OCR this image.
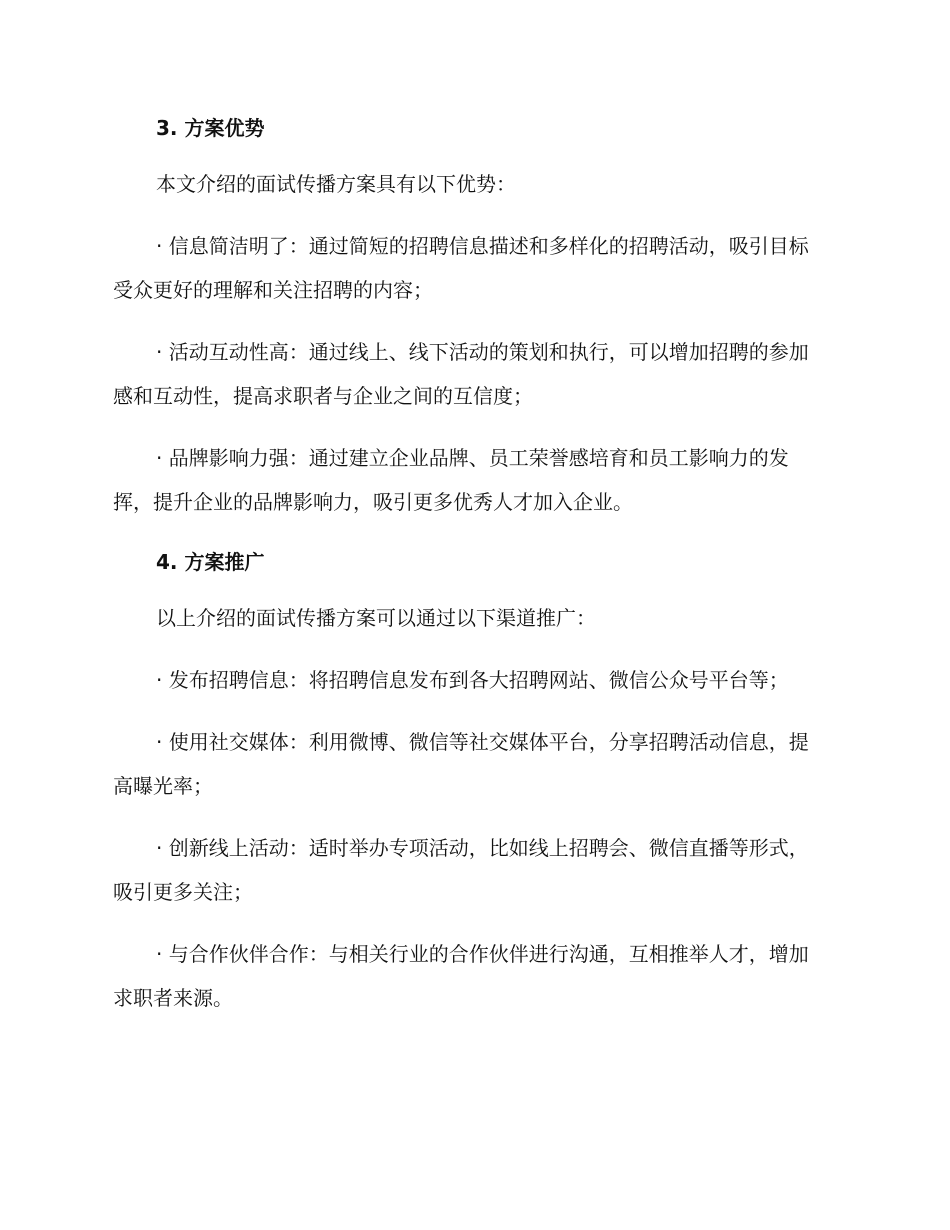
3. 方案优势

本文介绍的面试传播方案具有以下优势：

· 信息简洁明了：通过简短的招聘信息描述和多样化的招聘活动，吸引目标受众更好的理解和关注招聘的内容；

· 活动互动性高：通过线上、线下活动的策划和执行，可以增加招聘的参加感和互动性，提高求职者与企业之间的互信度；

· 品牌影响力强：通过建立企业品牌、员工荣誉感培育和员工影响力的发挥，提升企业的品牌影响力，吸引更多优秀人才加入企业。

4. 方案推广

以上介绍的面试传播方案可以通过以下渠道推广：

· 发布招聘信息：将招聘信息发布到各大招聘网站、微信公众号平台等；

· 使用社交媒体：利用微博、微信等社交媒体平台，分享招聘活动信息，提高曝光率；

· 创新线上活动：适时举办专项活动，比如线上招聘会、微信直播等形式，吸引更多关注；

· 与合作伙伴合作：与相关行业的合作伙伴进行沟通，互相推举人才，增加求职者来源。
